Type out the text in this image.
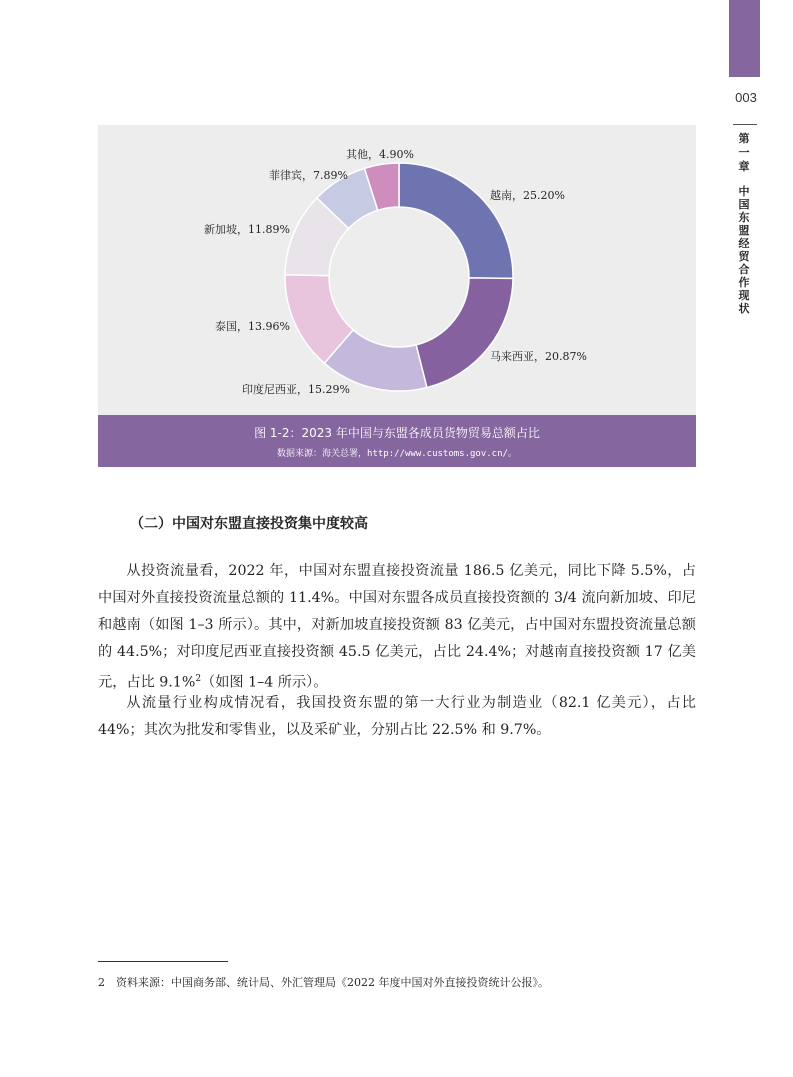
003
第一章
中国东盟经贸合作现状
越南，25.20%
马来西亚，20.87%
印度尼西亚，15.29%
泰国，13.96%
新加坡，11.89%
菲律宾，7.89%
其他，4.90%
图 1-2：2023 年中国与东盟各成员货物贸易总额占比
数据来源：海关总署，http://www.customs.gov.cn/。
（二）中国对东盟直接投资集中度较高

从投资流量看，2022 年，中国对东盟直接投资流量 186.5 亿美元，同比下降 5.5%，占中国对外直接投资流量总额的 11.4%。中国对东盟各成员直接投资额的 3/4 流向新加坡、印尼和越南（如图 1–3 所示）。其中，对新加坡直接投资额 83 亿美元，占中国对东盟投资流量总额的 44.5%；对印度尼西亚直接投资额 45.5 亿美元，占比 24.4%；对越南直接投资额 17 亿美元，占比 9.1%$^2$（如图 1–4 所示）。

从流量行业构成情况看，我国投资东盟的第一大行业为制造业（82.1 亿美元），占比 44%；其次为批发和零售业，以及采矿业，分别占比 22.5% 和 9.7%。

2　资料来源：中国商务部、统计局、外汇管理局《2022 年度中国对外直接投资统计公报》。
